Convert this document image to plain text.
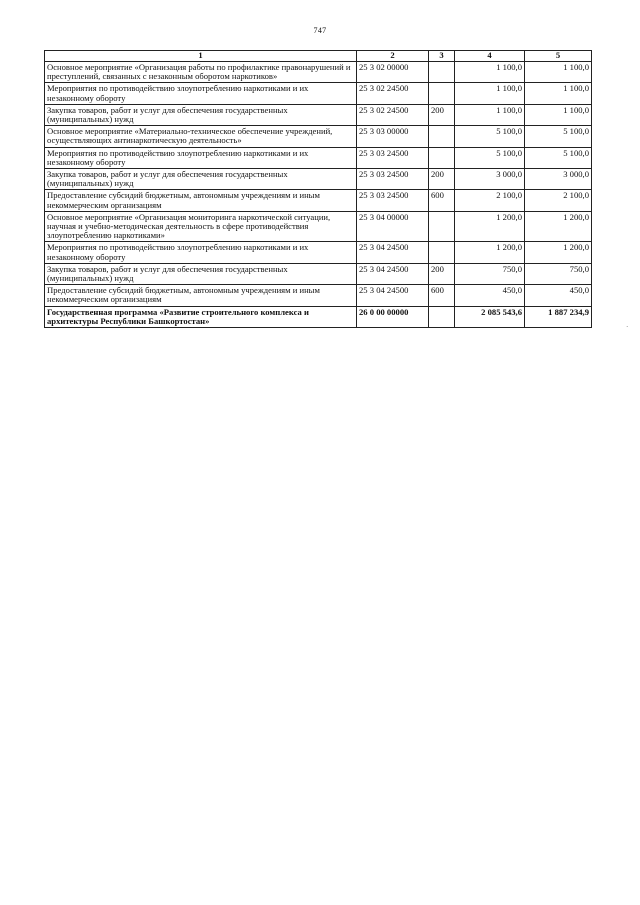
747
1	2	3	4	5
Основное мероприятие «Организация работы по профилактике правонарушений и преступлений, связанных с незаконным оборотом наркотиков»	25 3 02 00000		1 100,0	1 100,0
Мероприятия по противодействию злоупотреблению наркотиками и их незаконному обороту	25 3 02 24500		1 100,0	1 100,0
Закупка товаров, работ и услуг для обеспечения государственных (муниципальных) нужд	25 3 02 24500	200	1 100,0	1 100,0
Основное мероприятие «Материально-техническое обеспечение учреждений, осуществляющих антинаркотическую деятельность»	25 3 03 00000		5 100,0	5 100,0
Мероприятия по противодействию злоупотреблению наркотиками и их незаконному обороту	25 3 03 24500		5 100,0	5 100,0
Закупка товаров, работ и услуг для обеспечения государственных (муниципальных) нужд	25 3 03 24500	200	3 000,0	3 000,0
Предоставление субсидий бюджетным, автономным учреждениям и иным некоммерческим организациям	25 3 03 24500	600	2 100,0	2 100,0
Основное мероприятие «Организация мониторинга наркотической ситуации, научная и учебно-методическая деятельность в сфере противодействия злоупотреблению наркотиками»	25 3 04 00000		1 200,0	1 200,0
Мероприятия по противодействию злоупотреблению наркотиками и их незаконному обороту	25 3 04 24500		1 200,0	1 200,0
Закупка товаров, работ и услуг для обеспечения государственных (муниципальных) нужд	25 3 04 24500	200	750,0	750,0
Предоставление субсидий бюджетным, автономным учреждениям и иным некоммерческим организациям	25 3 04 24500	600	450,0	450,0
Государственная программа «Развитие строительного комплекса и архитектуры Республики Башкортостан»	26 0 00 00000		2 085 543,6	1 887 234,9
·
